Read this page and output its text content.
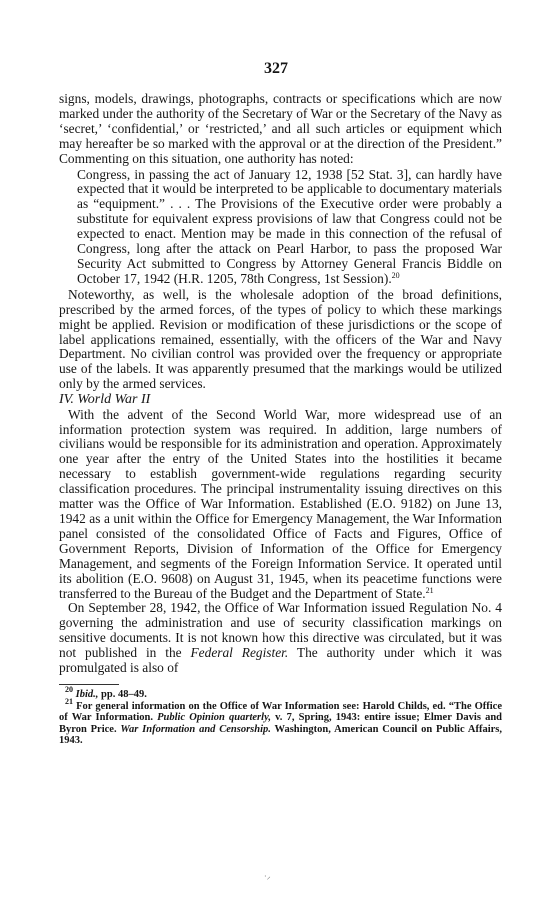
327

signs, models, drawings, photographs, contracts or specifications which are now marked under the authority of the Secretary of War or the Secretary of the Navy as ‘secret,’ ‘confidential,’ or ‘restricted,’ and all such articles or equipment which may hereafter be so marked with the approval or at the direction of the President.” Commenting on this situation, one authority has noted:

Congress, in passing the act of January 12, 1938 [52 Stat. 3], can hardly have expected that it would be interpreted to be applicable to documentary materials as “equipment.” . . . The Provisions of the Executive order were probably a substitute for equivalent express provisions of law that Congress could not be expected to enact. Mention may be made in this connection of the refusal of Congress, long after the attack on Pearl Harbor, to pass the proposed War Security Act submitted to Congress by Attorney General Francis Biddle on October 17, 1942 (H.R. 1205, 78th Congress, 1st Session).$^{20}$

Noteworthy, as well, is the wholesale adoption of the broad definitions, prescribed by the armed forces, of the types of policy to which these markings might be applied. Revision or modification of these jurisdictions or the scope of label applications remained, essentially, with the officers of the War and Navy Department. No civilian control was provided over the frequency or appropriate use of the labels. It was apparently presumed that the markings would be utilized only by the armed services.

IV. World War II

With the advent of the Second World War, more widespread use of an information protection system was required. In addition, large numbers of civilians would be responsible for its administration and operation. Approximately one year after the entry of the United States into the hostilities it became necessary to establish government-wide regulations regarding security classification procedures. The principal instrumentality issuing directives on this matter was the Office of War Information. Established (E.O. 9182) on June 13, 1942 as a unit within the Office for Emergency Management, the War Information panel consisted of the consolidated Office of Facts and Figures, Office of Government Reports, Division of Information of the Office for Emergency Management, and segments of the Foreign Information Service. It operated until its abolition (E.O. 9608) on August 31, 1945, when its peacetime functions were transferred to the Bureau of the Budget and the Department of State.$^{21}$

On September 28, 1942, the Office of War Information issued Regulation No. 4 governing the administration and use of security classification markings on sensitive documents. It is not known how this directive was circulated, but it was not published in the Federal Register. The authority under which it was promulgated is also of

$^{20}$ Ibid., pp. 48–49.

$^{21}$ For general information on the Office of War Information see: Harold Childs, ed. “The Office of War Information. Public Opinion quarterly, v. 7, Spring, 1943: entire issue; Elmer Davis and Byron Price. War Information and Censorship. Washington, American Council on Public Affairs, 1943.

·⸝
